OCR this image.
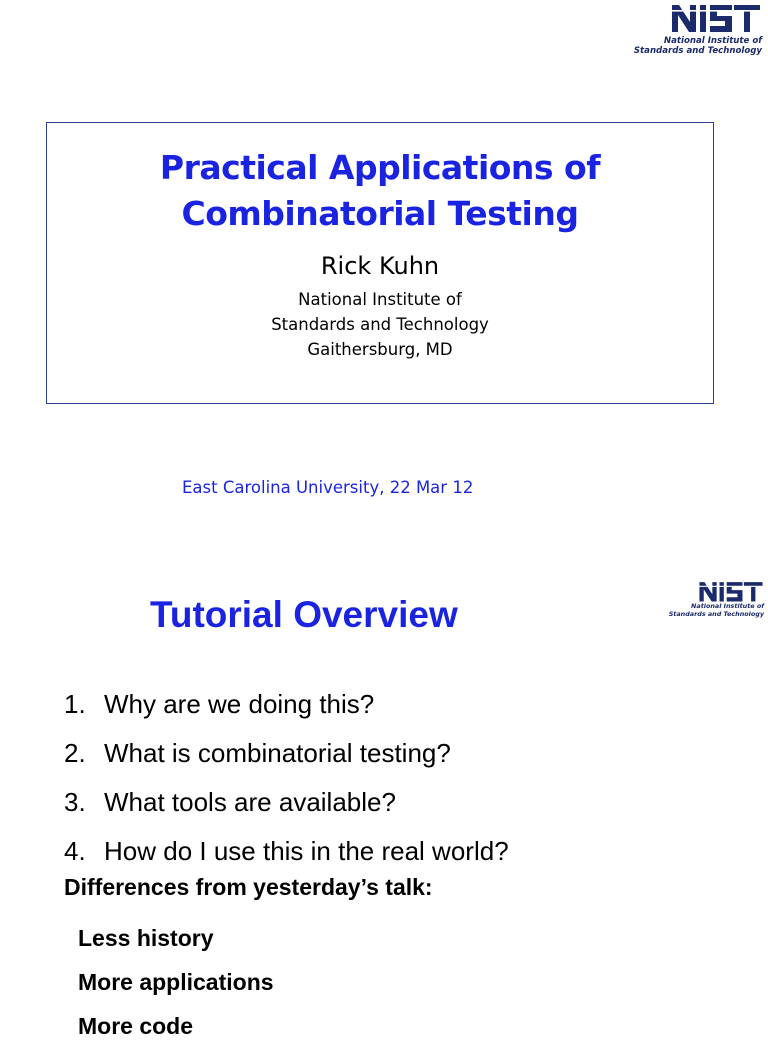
National Institute of
Standards and Technology
Practical Applications of
Combinatorial Testing
Rick Kuhn
National Institute of
Standards and Technology
Gaithersburg, MD
East Carolina University, 22 Mar 12
National Institute of
Standards and Technology
Tutorial Overview
1. Why are we doing this?
2. What is combinatorial testing?
3. What tools are available?
4. How do I use this in the real world?
Differences from yesterday’s talk:
Less history
More applications
More code
